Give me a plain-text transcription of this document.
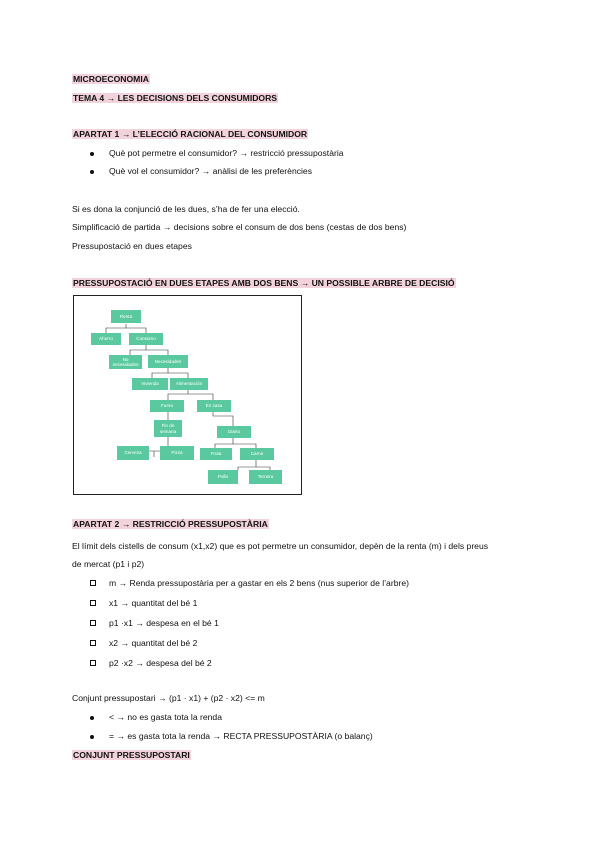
MICROECONOMIA
TEMA 4 → LES DECISIONS DELS CONSUMIDORS
APARTAT 1 → L’ELECCIÓ RACIONAL DEL CONSUMIDOR
Què pot permetre el consumidor? → restricció pressupostària
Què vol el consumidor? → anàlisi de les preferències
Si es dona la conjunció de les dues, s’ha de fer una elecció.
Simplificació de partida → decisions sobre el consum de dos bens (cestas de dos bens)
Pressupostació en dues etapes
PRESSUPOSTACIÓ EN DUES ETAPES AMB DOS BENS → UN POSSIBLE ARBRE DE DECISIÓ
Renta
Ahorro	Consumo
No necesidades
Necesidades
Vivienda	Alimentación
Fuera	En casa
Fin de semana	Diario
Cerveza	Pizza	Fruta	Carne
Pollo	Ternera
APARTAT 2 → RESTRICCIÓ PRESSUPOSTÀRIA
El límit dels cistells de consum (x1,x2) que es pot permetre un consumidor, depèn de la renta (m) i dels preus
de mercat (p1 i p2)
m → Renda pressupostària per a gastar en els 2 bens (nus superior de l’arbre)
x1 → quantitat del bé 1
p1 ·x1 → despesa en el bé 1
x2 → quantitat del bé 2
p2 ·x2 → despesa del bé 2
Conjunt pressupostari → (p1 · x1) + (p2 · x2) <= m
< → no es gasta tota la renda
= → es gasta tota la renda → RECTA PRESSUPOSTÀRIA (o balanç)
CONJUNT PRESSUPOSTARI
